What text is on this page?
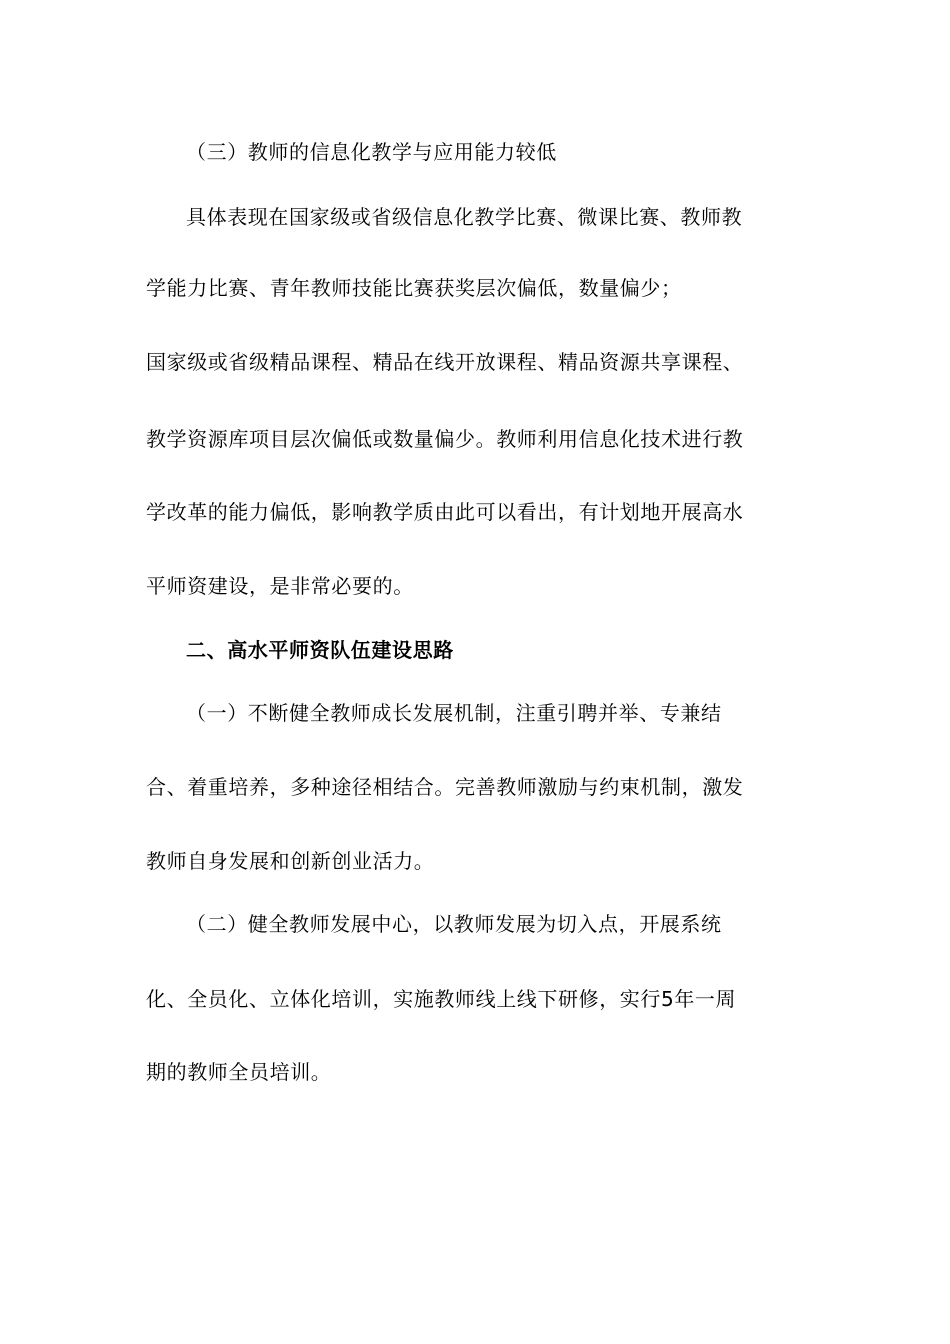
（三）教师的信息化教学与应用能力较低
具体表现在国家级或省级信息化教学比赛、微课比赛、教师教
学能力比赛、青年教师技能比赛获奖层次偏低，数量偏少；
国家级或省级精品课程、精品在线开放课程、精品资源共享课程、
教学资源库项目层次偏低或数量偏少。教师利用信息化技术进行教
学改革的能力偏低，影响教学质由此可以看出，有计划地开展高水
平师资建设，是非常必要的。
二、高水平师资队伍建设思路
（一）不断健全教师成长发展机制，注重引聘并举、专兼结
合、着重培养，多种途径相结合。完善教师激励与约束机制，激发
教师自身发展和创新创业活力。
（二）健全教师发展中心，以教师发展为切入点，开展系统
化、全员化、立体化培训，实施教师线上线下研修，实行5年一周
期的教师全员培训。
